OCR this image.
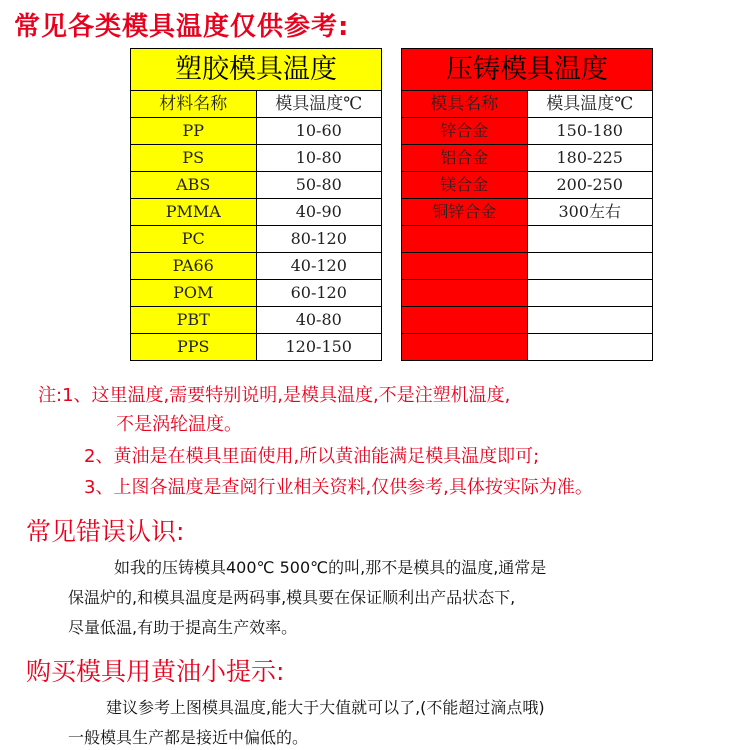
常见各类模具温度仅供参考:
塑胶模具温度	
材料名称	模具温度℃
PP	10-60
PS	10-80
ABS	50-80
PMMA	40-90
PC	80-120
PA66	40-120
POM	60-120
PBT	40-80
PPS	120-150
压铸模具温度	
模具名称	模具温度℃
锌合金	150-180
铝合金	180-225
镁合金	200-250
铜锌合金	300左右

注:1、这里温度,需要特别说明,是模具温度,不是注塑机温度,
不是涡轮温度。
2、黄油是在模具里面使用,所以黄油能满足模具温度即可;
3、上图各温度是查阅行业相关资料,仅供参考,具体按实际为准。
常见错误认识:
如我的压铸模具400℃ 500℃的叫,那不是模具的温度,通常是
保温炉的,和模具温度是两码事,模具要在保证顺利出产品状态下,
尽量低温,有助于提高生产效率。
购买模具用黄油小提示:
建议参考上图模具温度,能大于大值就可以了,(不能超过滴点哦)
一般模具生产都是接近中偏低的。
